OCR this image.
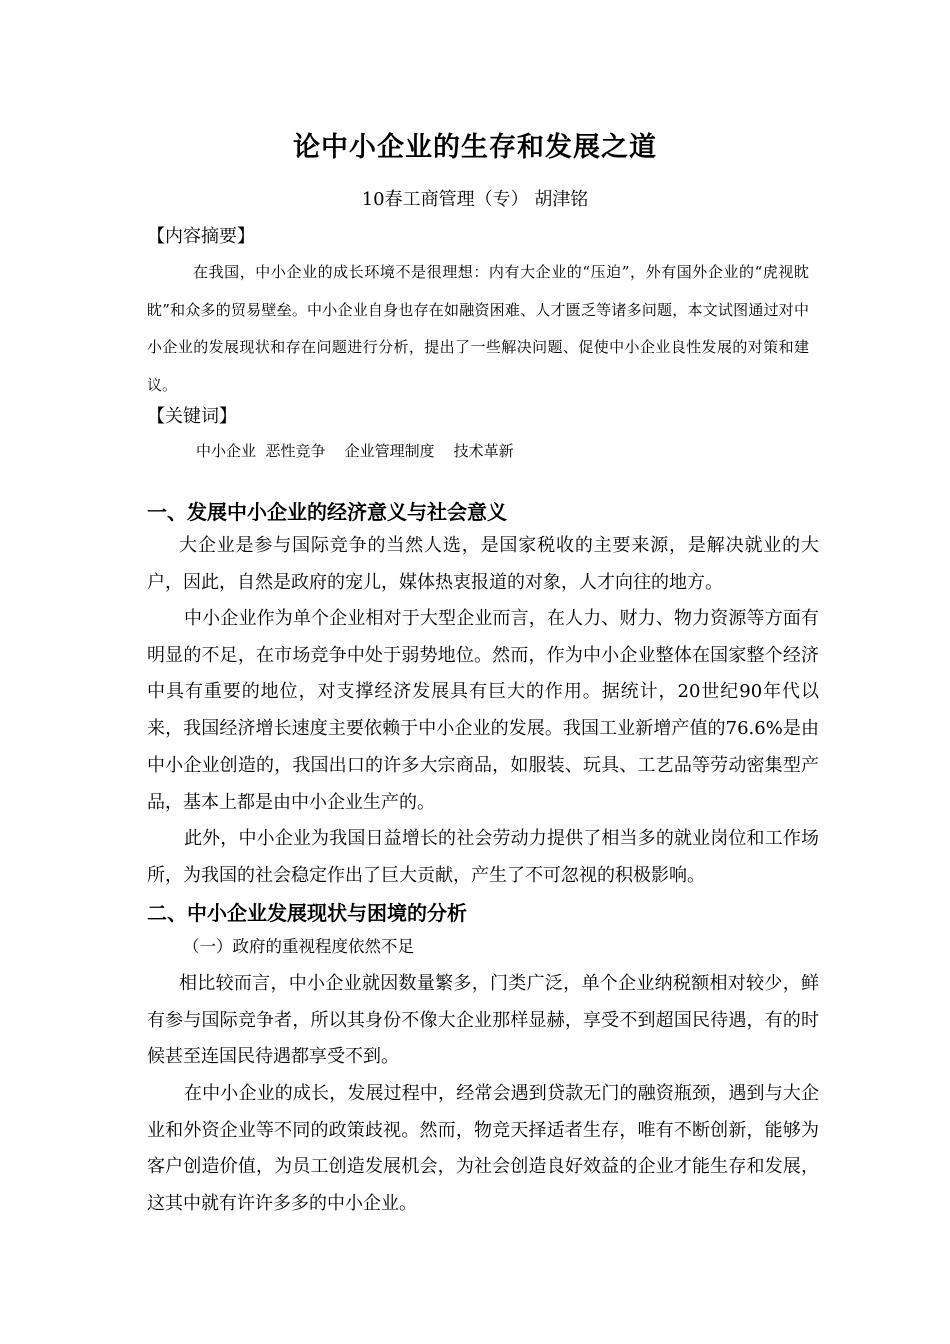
论中小企业的生存和发展之道
10春工商管理（专） 胡津铭
【内容摘要】
在我国，中小企业的成长环境不是很理想：内有大企业的“压迫”，外有国外企业的“虎视眈眈”和众多的贸易壁垒。中小企业自身也存在如融资困难、人才匮乏等诸多问题，本文试图通过对中小企业的发展现状和存在问题进行分析，提出了一些解决问题、促使中小企业良性发展的对策和建议。
【关键词】
中小企业  恶性竞争    企业管理制度    技术革新
一、发展中小企业的经济意义与社会意义
大企业是参与国际竞争的当然人选，是国家税收的主要来源，是解决就业的大户，因此，自然是政府的宠儿，媒体热衷报道的对象，人才向往的地方。
中小企业作为单个企业相对于大型企业而言，在人力、财力、物力资源等方面有明显的不足，在市场竞争中处于弱势地位。然而，作为中小企业整体在国家整个经济中具有重要的地位，对支撑经济发展具有巨大的作用。据统计，20世纪90年代以来，我国经济增长速度主要依赖于中小企业的发展。我国工业新增产值的76.6%是由中小企业创造的，我国出口的许多大宗商品，如服装、玩具、工艺品等劳动密集型产品，基本上都是由中小企业生产的。
此外，中小企业为我国日益增长的社会劳动力提供了相当多的就业岗位和工作场所，为我国的社会稳定作出了巨大贡献，产生了不可忽视的积极影响。
二、中小企业发展现状与困境的分析
（一）政府的重视程度依然不足
相比较而言，中小企业就因数量繁多，门类广泛，单个企业纳税额相对较少，鲜有参与国际竞争者，所以其身份不像大企业那样显赫，享受不到超国民待遇，有的时候甚至连国民待遇都享受不到。
在中小企业的成长，发展过程中，经常会遇到贷款无门的融资瓶颈，遇到与大企业和外资企业等不同的政策歧视。然而，物竞天择适者生存，唯有不断创新，能够为客户创造价值，为员工创造发展机会，为社会创造良好效益的企业才能生存和发展，这其中就有许许多多的中小企业。
